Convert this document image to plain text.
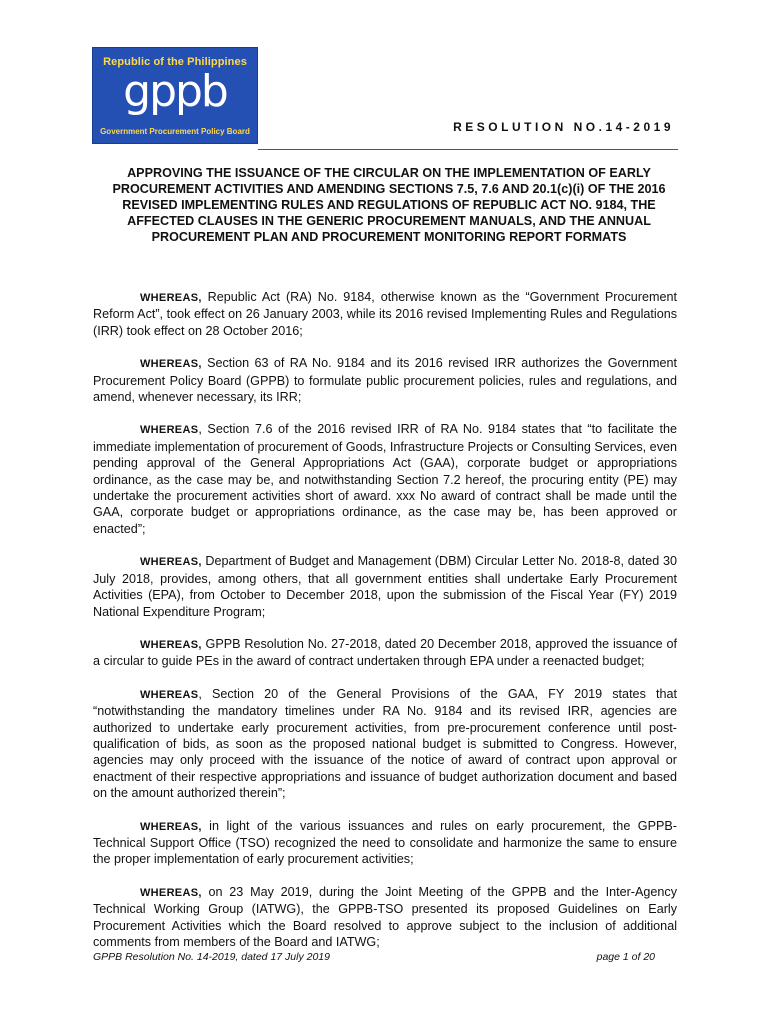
Republic of the Philippines
gppb
Government Procurement Policy Board	RESOLUTION NO.14-2019
APPROVING THE ISSUANCE OF THE CIRCULAR ON THE IMPLEMENTATION OF EARLY PROCUREMENT ACTIVITIES AND AMENDING SECTIONS 7.5, 7.6 AND 20.1(c)(i) OF THE 2016 REVISED IMPLEMENTING RULES AND REGULATIONS OF REPUBLIC ACT NO. 9184, THE AFFECTED CLAUSES IN THE GENERIC PROCUREMENT MANUALS, AND THE ANNUAL PROCUREMENT PLAN AND PROCUREMENT MONITORING REPORT FORMATS

WHEREAS, Republic Act (RA) No. 9184, otherwise known as the “Government Procurement Reform Act”, took effect on 26 January 2003, while its 2016 revised Implementing Rules and Regulations (IRR) took effect on 28 October 2016;

WHEREAS, Section 63 of RA No. 9184 and its 2016 revised IRR authorizes the Government Procurement Policy Board (GPPB) to formulate public procurement policies, rules and regulations, and amend, whenever necessary, its IRR;

WHEREAS, Section 7.6 of the 2016 revised IRR of RA No. 9184 states that “to facilitate the immediate implementation of procurement of Goods, Infrastructure Projects or Consulting Services, even pending approval of the General Appropriations Act (GAA), corporate budget or appropriations ordinance, as the case may be, and notwithstanding Section 7.2 hereof, the procuring entity (PE) may undertake the procurement activities short of award. xxx No award of contract shall be made until the GAA, corporate budget or appropriations ordinance, as the case may be, has been approved or enacted”;

WHEREAS, Department of Budget and Management (DBM) Circular Letter No. 2018-8, dated 30 July 2018, provides, among others, that all government entities shall undertake Early Procurement Activities (EPA), from October to December 2018, upon the submission of the Fiscal Year (FY) 2019 National Expenditure Program;

WHEREAS, GPPB Resolution No. 27-2018, dated 20 December 2018, approved the issuance of a circular to guide PEs in the award of contract undertaken through EPA under a reenacted budget;

WHEREAS, Section 20 of the General Provisions of the GAA, FY 2019 states that “notwithstanding the mandatory timelines under RA No. 9184 and its revised IRR, agencies are authorized to undertake early procurement activities, from pre-procurement conference until post-qualification of bids, as soon as the proposed national budget is submitted to Congress. However, agencies may only proceed with the issuance of the notice of award of contract upon approval or enactment of their respective appropriations and issuance of budget authorization document and based on the amount authorized therein”;

WHEREAS, in light of the various issuances and rules on early procurement, the GPPB-Technical Support Office (TSO) recognized the need to consolidate and harmonize the same to ensure the proper implementation of early procurement activities;

WHEREAS, on 23 May 2019, during the Joint Meeting of the GPPB and the Inter-Agency Technical Working Group (IATWG), the GPPB-TSO presented its proposed Guidelines on Early Procurement Activities which the Board resolved to approve subject to the inclusion of additional comments from members of the Board and IATWG;

GPPB Resolution No. 14-2019, dated 17 July 2019	page 1 of 20
